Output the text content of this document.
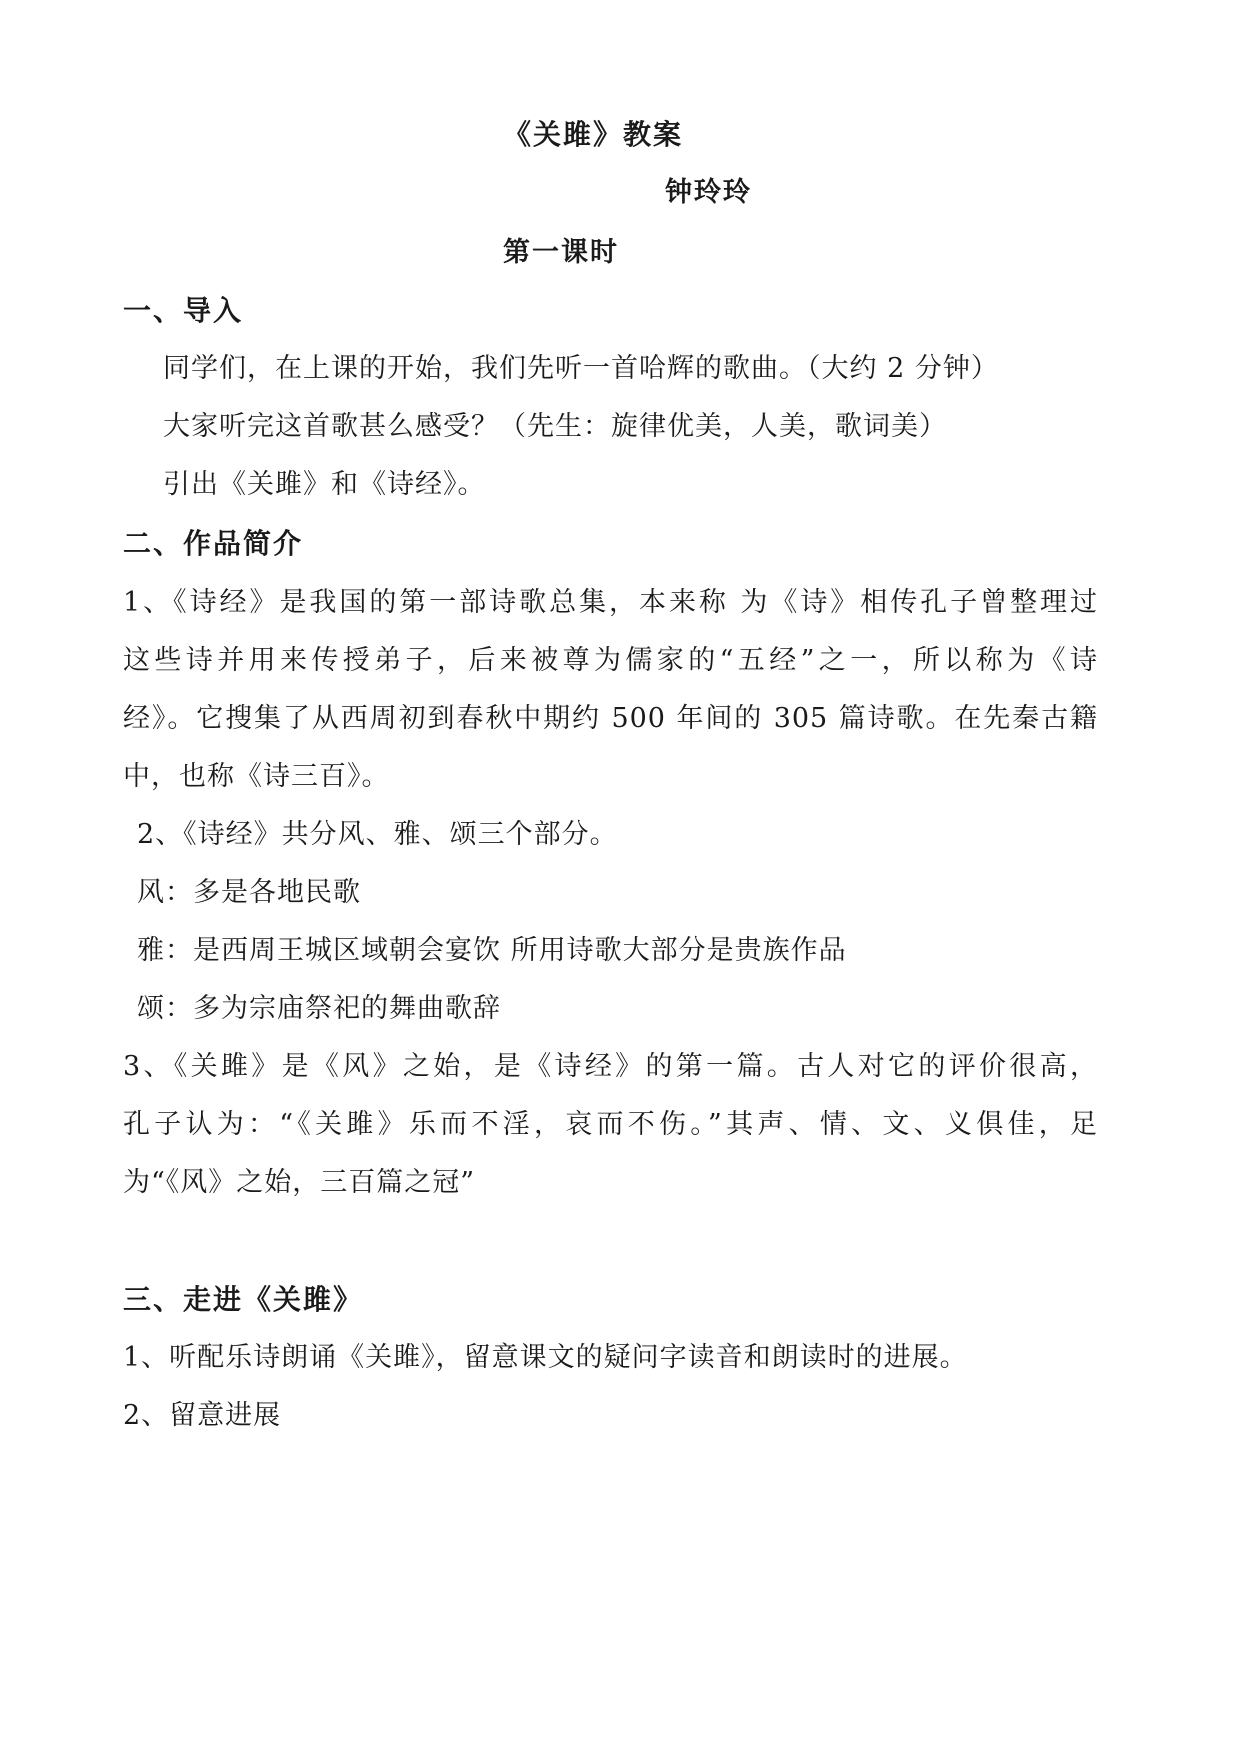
《关雎》教案
钟玲玲
第一课时
一、导入
同学们，在上课的开始，我们先听一首哈辉的歌曲。（大约 2 分钟）
大家听完这首歌甚么感受？（先生：旋律优美，人美，歌词美）
引出《关雎》和《诗经》。
二、作品简介
1、《诗经》是我国的第一部诗歌总集，本来称 为《诗》相传孔子曾整理过
这些诗并用来传授弟子，后来被尊为儒家的“五经”之一，所以称为《诗
经》。它搜集了从西周初到春秋中期约 500 年间的 305 篇诗歌。在先秦古籍
中，也称《诗三百》。
2、《诗经》共分风、雅、颂三个部分。
风：多是各地民歌
雅：是西周王城区域朝会宴饮 所用诗歌大部分是贵族作品
颂：多为宗庙祭祀的舞曲歌辞
3、《关雎》是《风》之始，是《诗经》的第一篇。古人对它的评价很高，
孔子认为：“《关雎》乐而不淫，哀而不伤。”其声、情、文、义俱佳，足
为“《风》之始，三百篇之冠”
三、走进《关雎》
1、听配乐诗朗诵《关雎》，留意课文的疑问字读音和朗读时的进展。
2、留意进展
